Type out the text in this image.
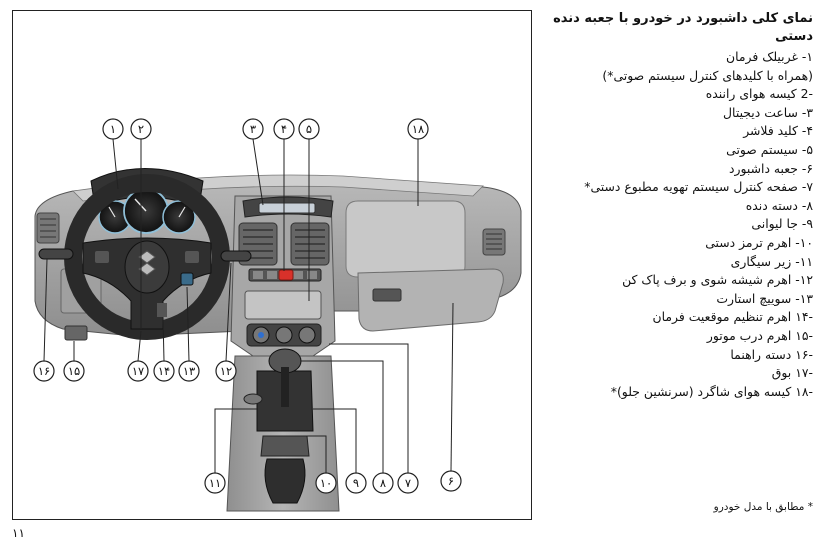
۱ ۲	۳ ۴ ۵	۱۸
۱۶ ۱۵	۱۷ ۱۴ ۱۳ ۱۲
۱۱	۱۰ ۹ ۸ ۷	۶
نمای کلی داشبورد در خودرو با جعبه دنده دستی
۱- غربیلک فرمان
(همراه با کلیدهای کنترل سیستم صوتی*)
-2 کیسه هوای راننده
۳- ساعت دیجیتال
۴- کلید فلاشر
۵- سیستم صوتی
۶- جعبه داشبورد
۷- صفحه کنترل سیستم تهویه مطبوع دستی*
۸- دسته دنده
۹- جا لیوانی
۱۰- اهرم ترمز دستی
۱۱- زیر سیگاری
۱۲- اهرم شیشه شوی و برف پاک کن
۱۳- سوییچ استارت
-۱۴ اهرم تنظیم موقعیت فرمان
-۱۵ اهرم درب موتور
-۱۶ دسته راهنما
-۱۷ بوق
-۱۸ کیسه هوای شاگرد (سرنشین جلو)*
* مطابق با مدل خودرو
۱۱
